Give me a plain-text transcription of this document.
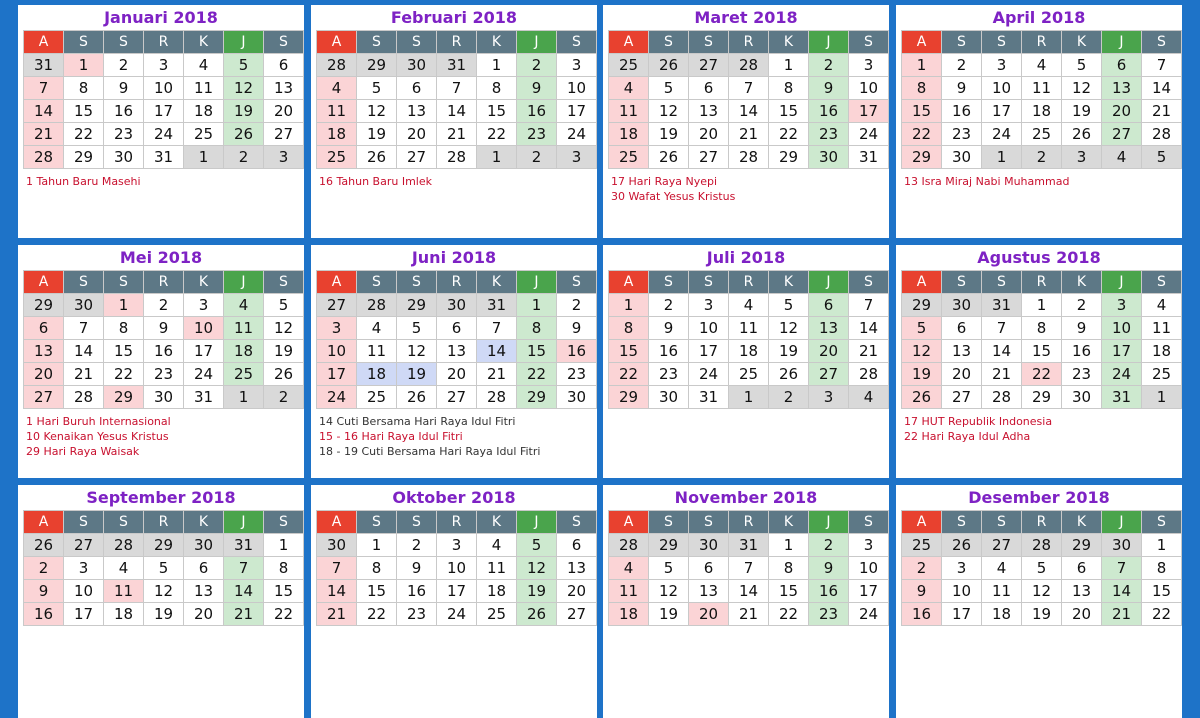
Januari 2018
A	S	S	R	K	J	S
31	1	2	3	4	5	6
7	8	9	10	11	12	13
14	15	16	17	18	19	20
21	22	23	24	25	26	27
28	29	30	31	1	2	3
1 Tahun Baru Masehi
Februari 2018
A	S	S	R	K	J	S
28	29	30	31	1	2	3
4	5	6	7	8	9	10
11	12	13	14	15	16	17
18	19	20	21	22	23	24
25	26	27	28	1	2	3
16 Tahun Baru Imlek
Maret 2018
A	S	S	R	K	J	S
25	26	27	28	1	2	3
4	5	6	7	8	9	10
11	12	13	14	15	16	17
18	19	20	21	22	23	24
25	26	27	28	29	30	31
17 Hari Raya Nyepi
30 Wafat Yesus Kristus
April 2018
A	S	S	R	K	J	S
1	2	3	4	5	6	7
8	9	10	11	12	13	14
15	16	17	18	19	20	21
22	23	24	25	26	27	28
29	30	1	2	3	4	5
13 Isra Miraj Nabi Muhammad
Mei 2018
A	S	S	R	K	J	S
29	30	1	2	3	4	5
6	7	8	9	10	11	12
13	14	15	16	17	18	19
20	21	22	23	24	25	26
27	28	29	30	31	1	2
1 Hari Buruh Internasional
10 Kenaikan Yesus Kristus
29 Hari Raya Waisak
Juni 2018
A	S	S	R	K	J	S
27	28	29	30	31	1	2
3	4	5	6	7	8	9
10	11	12	13	14	15	16
17	18	19	20	21	22	23
24	25	26	27	28	29	30
14 Cuti Bersama Hari Raya Idul Fitri
15 - 16 Hari Raya Idul Fitri
18 - 19 Cuti Bersama Hari Raya Idul Fitri
Juli 2018
A	S	S	R	K	J	S
1	2	3	4	5	6	7
8	9	10	11	12	13	14
15	16	17	18	19	20	21
22	23	24	25	26	27	28
29	30	31	1	2	3	4
Agustus 2018
A	S	S	R	K	J	S
29	30	31	1	2	3	4
5	6	7	8	9	10	11
12	13	14	15	16	17	18
19	20	21	22	23	24	25
26	27	28	29	30	31	1
17 HUT Republik Indonesia
22 Hari Raya Idul Adha
September 2018
A	S	S	R	K	J	S
26	27	28	29	30	31	1
2	3	4	5	6	7	8
9	10	11	12	13	14	15
16	17	18	19	20	21	22
Oktober 2018
A	S	S	R	K	J	S
30	1	2	3	4	5	6
7	8	9	10	11	12	13
14	15	16	17	18	19	20
21	22	23	24	25	26	27
November 2018
A	S	S	R	K	J	S
28	29	30	31	1	2	3
4	5	6	7	8	9	10
11	12	13	14	15	16	17
18	19	20	21	22	23	24
Desember 2018
A	S	S	R	K	J	S
25	26	27	28	29	30	1
2	3	4	5	6	7	8
9	10	11	12	13	14	15
16	17	18	19	20	21	22
